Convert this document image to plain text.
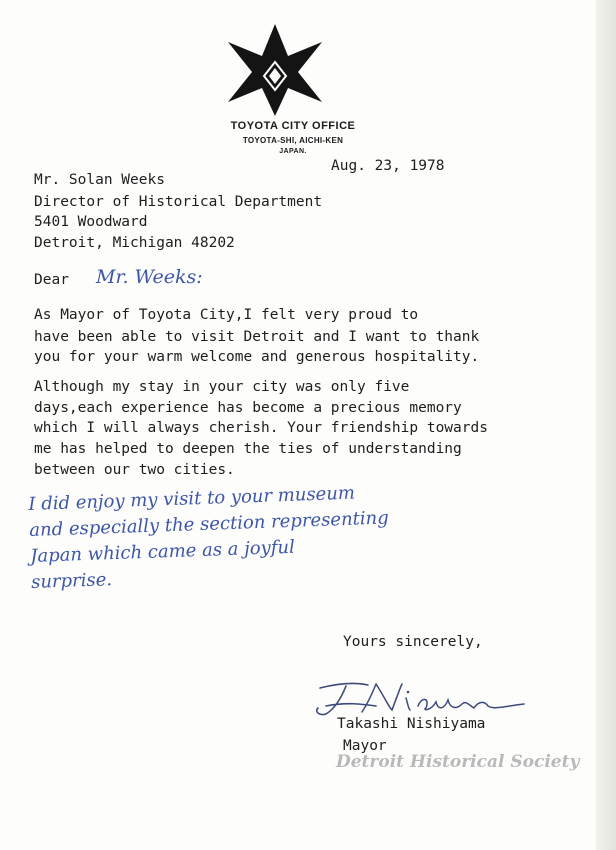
TOYOTA CITY OFFICE
TOYOTA-SHI, AICHI-KEN
JAPAN.
Aug. 23, 1978
Mr. Solan Weeks
Director of Historical Department
5401 Woodward
Detroit, Michigan 48202
Dear Mr. Weeks:
As Mayor of Toyota City,I felt very proud to
have been able to visit Detroit and I want to thank
you for your warm welcome and generous hospitality.
Although my stay in your city was only five
days,each experience has become a precious memory
which I will always cherish. Your friendship towards
me has helped to deepen the ties of understanding
between our two cities.
I did enjoy my visit to your museum
and especially the section representing
Japan which came as a joyful
surprise.
Yours sincerely,
Takashi Nishiyama
Mayor
Detroit Historical Society
